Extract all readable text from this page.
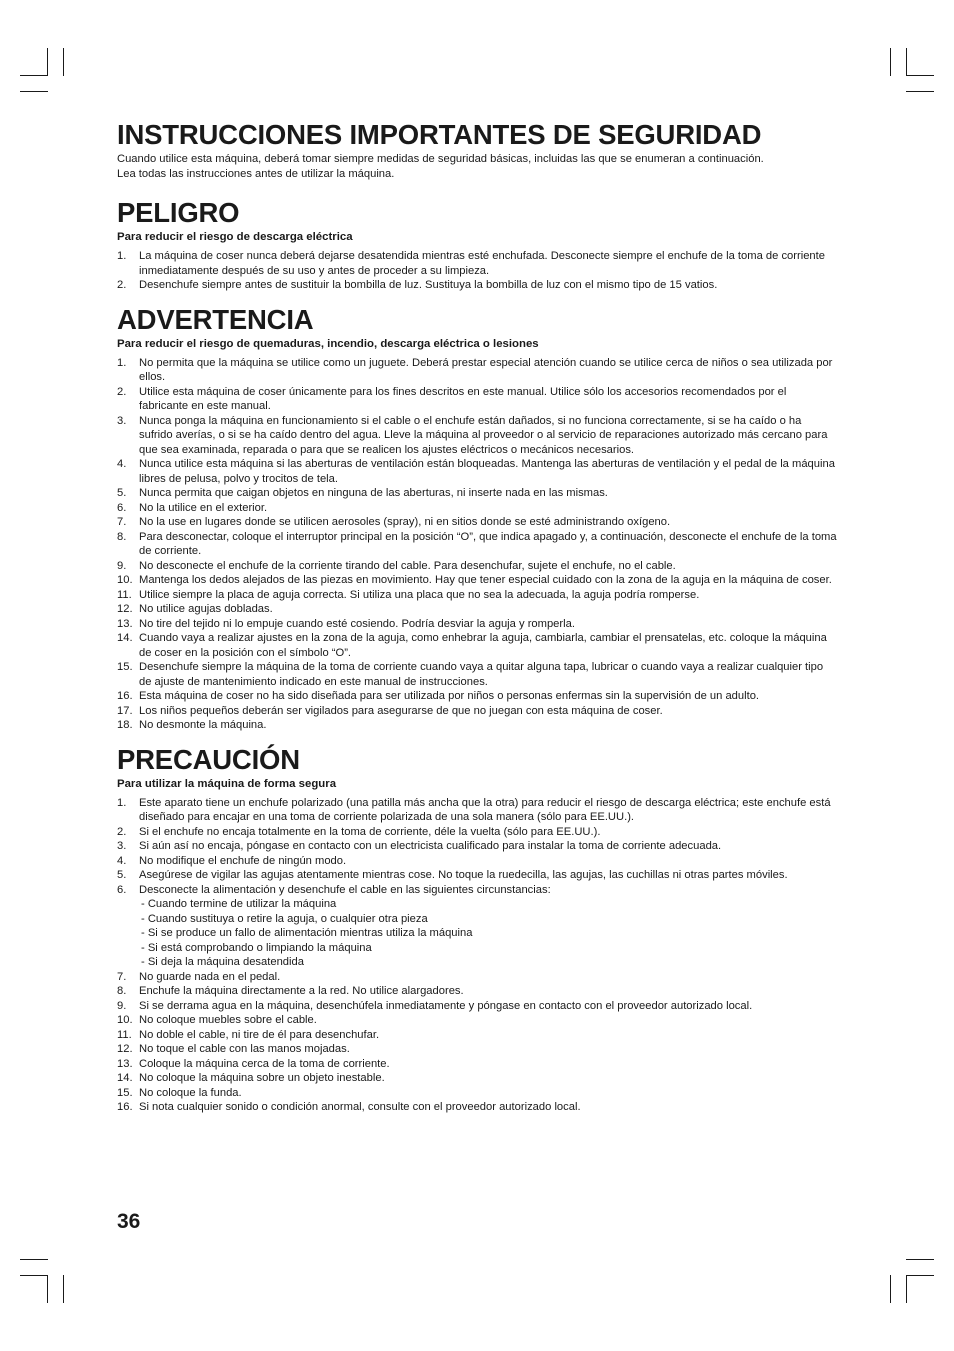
INSTRUCCIONES IMPORTANTES DE SEGURIDAD

Cuando utilice esta máquina, deberá tomar siempre medidas de seguridad básicas, incluidas las que se enumeran a continuación.

Lea todas las instrucciones antes de utilizar la máquina.

PELIGRO

Para reducir el riesgo de descarga eléctrica

1. La máquina de coser nunca deberá dejarse desatendida mientras esté enchufada. Desconecte siempre el enchufe de la toma de corriente inmediatamente después de su uso y antes de proceder a su limpieza.
2. Desenchufe siempre antes de sustituir la bombilla de luz. Sustituya la bombilla de luz con el mismo tipo de 15 vatios.
ADVERTENCIA

Para reducir el riesgo de quemaduras, incendio, descarga eléctrica o lesiones

1. No permita que la máquina se utilice como un juguete. Deberá prestar especial atención cuando se utilice cerca de niños o sea utilizada por ellos.
2. Utilice esta máquina de coser únicamente para los fines descritos en este manual. Utilice sólo los accesorios recomendados por el fabricante en este manual.
3. Nunca ponga la máquina en funcionamiento si el cable o el enchufe están dañados, si no funciona correctamente, si se ha caído o ha sufrido averías, o si se ha caído dentro del agua. Lleve la máquina al proveedor o al servicio de reparaciones autorizado más cercano para que sea examinada, reparada o para que se realicen los ajustes eléctricos o mecánicos necesarios.
4. Nunca utilice esta máquina si las aberturas de ventilación están bloqueadas. Mantenga las aberturas de ventilación y el pedal de la máquina libres de pelusa, polvo y trocitos de tela.
5. Nunca permita que caigan objetos en ninguna de las aberturas, ni inserte nada en las mismas.
6. No la utilice en el exterior.
7. No la use en lugares donde se utilicen aerosoles (spray), ni en sitios donde se esté administrando oxígeno.
8. Para desconectar, coloque el interruptor principal en la posición “O”, que indica apagado y, a continuación, desconecte el enchufe de la toma de corriente.
9. No desconecte el enchufe de la corriente tirando del cable. Para desenchufar, sujete el enchufe, no el cable.
10. Mantenga los dedos alejados de las piezas en movimiento. Hay que tener especial cuidado con la zona de la aguja en la máquina de coser.
11. Utilice siempre la placa de aguja correcta. Si utiliza una placa que no sea la adecuada, la aguja podría romperse.
12. No utilice agujas dobladas.
13. No tire del tejido ni lo empuje cuando esté cosiendo. Podría desviar la aguja y romperla.
14. Cuando vaya a realizar ajustes en la zona de la aguja, como enhebrar la aguja, cambiarla, cambiar el prensatelas, etc. coloque la máquina de coser en la posición con el símbolo “O”.
15. Desenchufe siempre la máquina de la toma de corriente cuando vaya a quitar alguna tapa, lubricar o cuando vaya a realizar cualquier tipo de ajuste de mantenimiento indicado en este manual de instrucciones.
16. Esta máquina de coser no ha sido diseñada para ser utilizada por niños o personas enfermas sin la supervisión de un adulto.
17. Los niños pequeños deberán ser vigilados para asegurarse de que no juegan con esta máquina de coser.
18. No desmonte la máquina.
PRECAUCIÓN

Para utilizar la máquina de forma segura

1. Este aparato tiene un enchufe polarizado (una patilla más ancha que la otra) para reducir el riesgo de descarga eléctrica; este enchufe está diseñado para encajar en una toma de corriente polarizada de una sola manera (sólo para EE.UU.).
2. Si el enchufe no encaja totalmente en la toma de corriente, déle la vuelta (sólo para EE.UU.).
3. Si aún así no encaja, póngase en contacto con un electricista cualificado para instalar la toma de corriente adecuada.
4. No modifique el enchufe de ningún modo.
5. Asegúrese de vigilar las agujas atentamente mientras cose. No toque la ruedecilla, las agujas, las cuchillas ni otras partes móviles.
6. Desconecte la alimentación y desenchufe el cable en las siguientes circunstancias:
- Cuando termine de utilizar la máquina
- Cuando sustituya o retire la aguja, o cualquier otra pieza
- Si se produce un fallo de alimentación mientras utiliza la máquina
- Si está comprobando o limpiando la máquina
- Si deja la máquina desatendida
7. No guarde nada en el pedal.
8. Enchufe la máquina directamente a la red. No utilice alargadores.
9. Si se derrama agua en la máquina, desenchúfela inmediatamente y póngase en contacto con el proveedor autorizado local.
10. No coloque muebles sobre el cable.
11. No doble el cable, ni tire de él para desenchufar.
12. No toque el cable con las manos mojadas.
13. Coloque la máquina cerca de la toma de corriente.
14. No coloque la máquina sobre un objeto inestable.
15. No coloque la funda.
16. Si nota cualquier sonido o condición anormal, consulte con el proveedor autorizado local.
36
